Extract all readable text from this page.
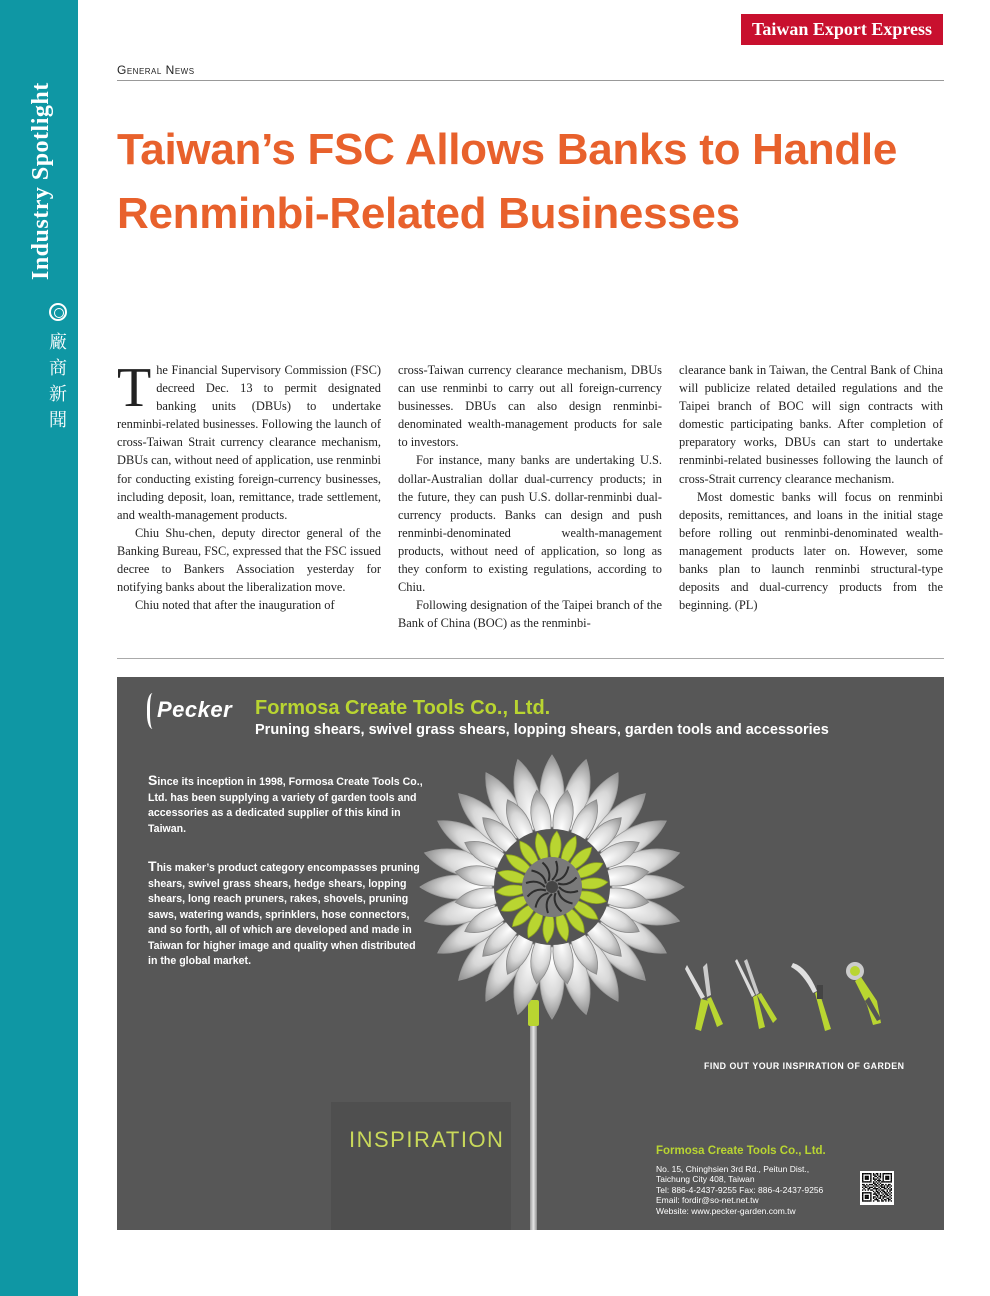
Industry Spotlight
廠商新聞
Taiwan Export Express
General News
Taiwan’s FSC Allows Banks to Handle
Renminbi-Related Businesses

The Financial Supervisory Commission (FSC) decreed Dec. 13 to permit designated banking units (DBUs) to undertake renminbi-related businesses. Following the launch of cross-Taiwan Strait currency clearance mechanism, DBUs can, without need of application, use renminbi for conducting existing foreign-currency businesses, including deposit, loan, remittance, trade settlement, and wealth-management products.

Chiu Shu-chen, deputy director general of the Banking Bureau, FSC, expressed that the FSC issued decree to Bankers Association yesterday for notifying banks about the liberalization move.

Chiu noted that after the inauguration of

cross-Taiwan currency clearance mechanism, DBUs can use renminbi to carry out all foreign-currency businesses. DBUs can also design renminbi-denominated wealth-management products for sale to investors.

For instance, many banks are undertaking U.S. dollar-Australian dollar dual-currency products; in the future, they can push U.S. dollar-renminbi dual-currency products. Banks can design and push renminbi-denominated wealth-management products, without need of application, so long as they conform to existing regulations, according to Chiu.

Following designation of the Taipei branch of the Bank of China (BOC) as the renminbi-

clearance bank in Taiwan, the Central Bank of China will publicize related detailed regulations and the Taipei branch of BOC will sign contracts with domestic participating banks. After completion of preparatory works, DBUs can start to undertake renminbi-related businesses following the launch of cross-Strait currency clearance mechanism.

Most domestic banks will focus on renminbi deposits, remittances, and loans in the initial stage before rolling out renminbi-denominated wealth-management products later on. However, some banks plan to launch renminbi structural-type deposits and dual-currency products from the beginning. (PL)

Pecker Formosa Create Tools Co., Ltd.
Pruning shears, swivel grass shears, lopping shears, garden tools and accessories
Since its inception in 1998, Formosa Create Tools Co., Ltd. has been supplying a variety of garden tools and accessories as a dedicated supplier of this kind in Taiwan.
This maker’s product category encompasses pruning shears, swivel grass shears, hedge shears, lopping shears, long reach pruners, rakes, shovels, pruning saws, watering wands, sprinklers, hose connectors, and so forth, all of which are developed and made in Taiwan for higher image and quality when distributed in the global market.
INSPIRATION
FIND OUT YOUR INSPIRATION OF GARDEN
Formosa Create Tools Co., Ltd.
No. 15, Chinghsien 3rd Rd., Peitun Dist.,
Taichung City 408, Taiwan
Tel: 886-4-2437-9255 Fax: 886-4-2437-9256
Email: fordir@so-net.net.tw
Website: www.pecker-garden.com.tw
